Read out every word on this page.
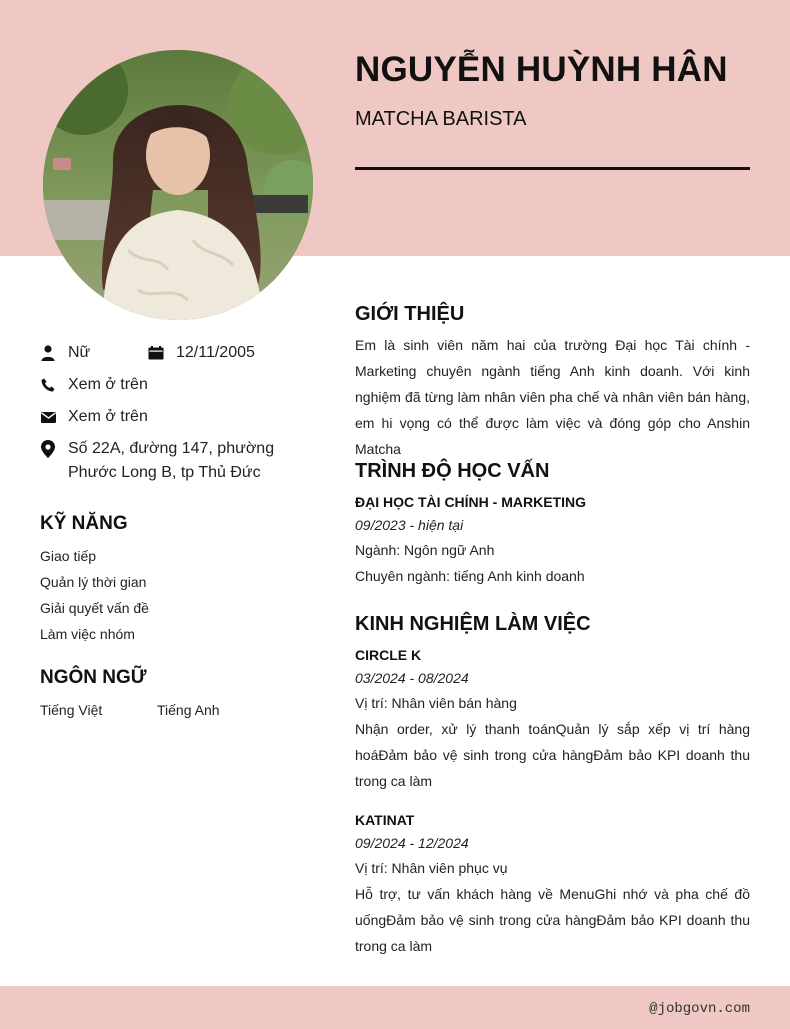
NGUYỄN HUỲNH HÂN
MATCHA BARISTA
Nữ	12/11/2005
Xem ở trên
Xem ở trên
Số 22A, đường 147, phường Phước Long B, tp Thủ Đức
KỸ NĂNG
Giao tiếp
Quản lý thời gian
Giải quyết vấn đề
Làm việc nhóm
NGÔN NGỮ
Tiếng Việt	Tiếng Anh
GIỚI THIỆU
Em là sinh viên năm hai của trường Đại học Tài chính - Marketing chuyên ngành tiếng Anh kinh doanh. Với kinh nghiệm đã từng làm nhân viên pha chế và nhân viên bán hàng, em hi vọng có thể được làm việc và đóng góp cho Anshin Matcha
TRÌNH ĐỘ HỌC VẤN
ĐẠI HỌC TÀI CHÍNH - MARKETING
09/2023 - hiện tại
Ngành: Ngôn ngữ Anh
Chuyên ngành: tiếng Anh kinh doanh
KINH NGHIỆM LÀM VIỆC
CIRCLE K
03/2024 - 08/2024
Vị trí: Nhân viên bán hàng
Nhận order, xử lý thanh toánQuản lý sắp xếp vị trí hàng hoáĐảm bảo vệ sinh trong cửa hàngĐảm bảo KPI doanh thu trong ca làm
KATINAT
09/2024 - 12/2024
Vị trí: Nhân viên phục vụ
Hỗ trợ, tư vấn khách hàng về MenuGhi nhớ và pha chế đồ uốngĐảm bảo vệ sinh trong cửa hàngĐảm bảo KPI doanh thu trong ca làm
@jobgovn.com
